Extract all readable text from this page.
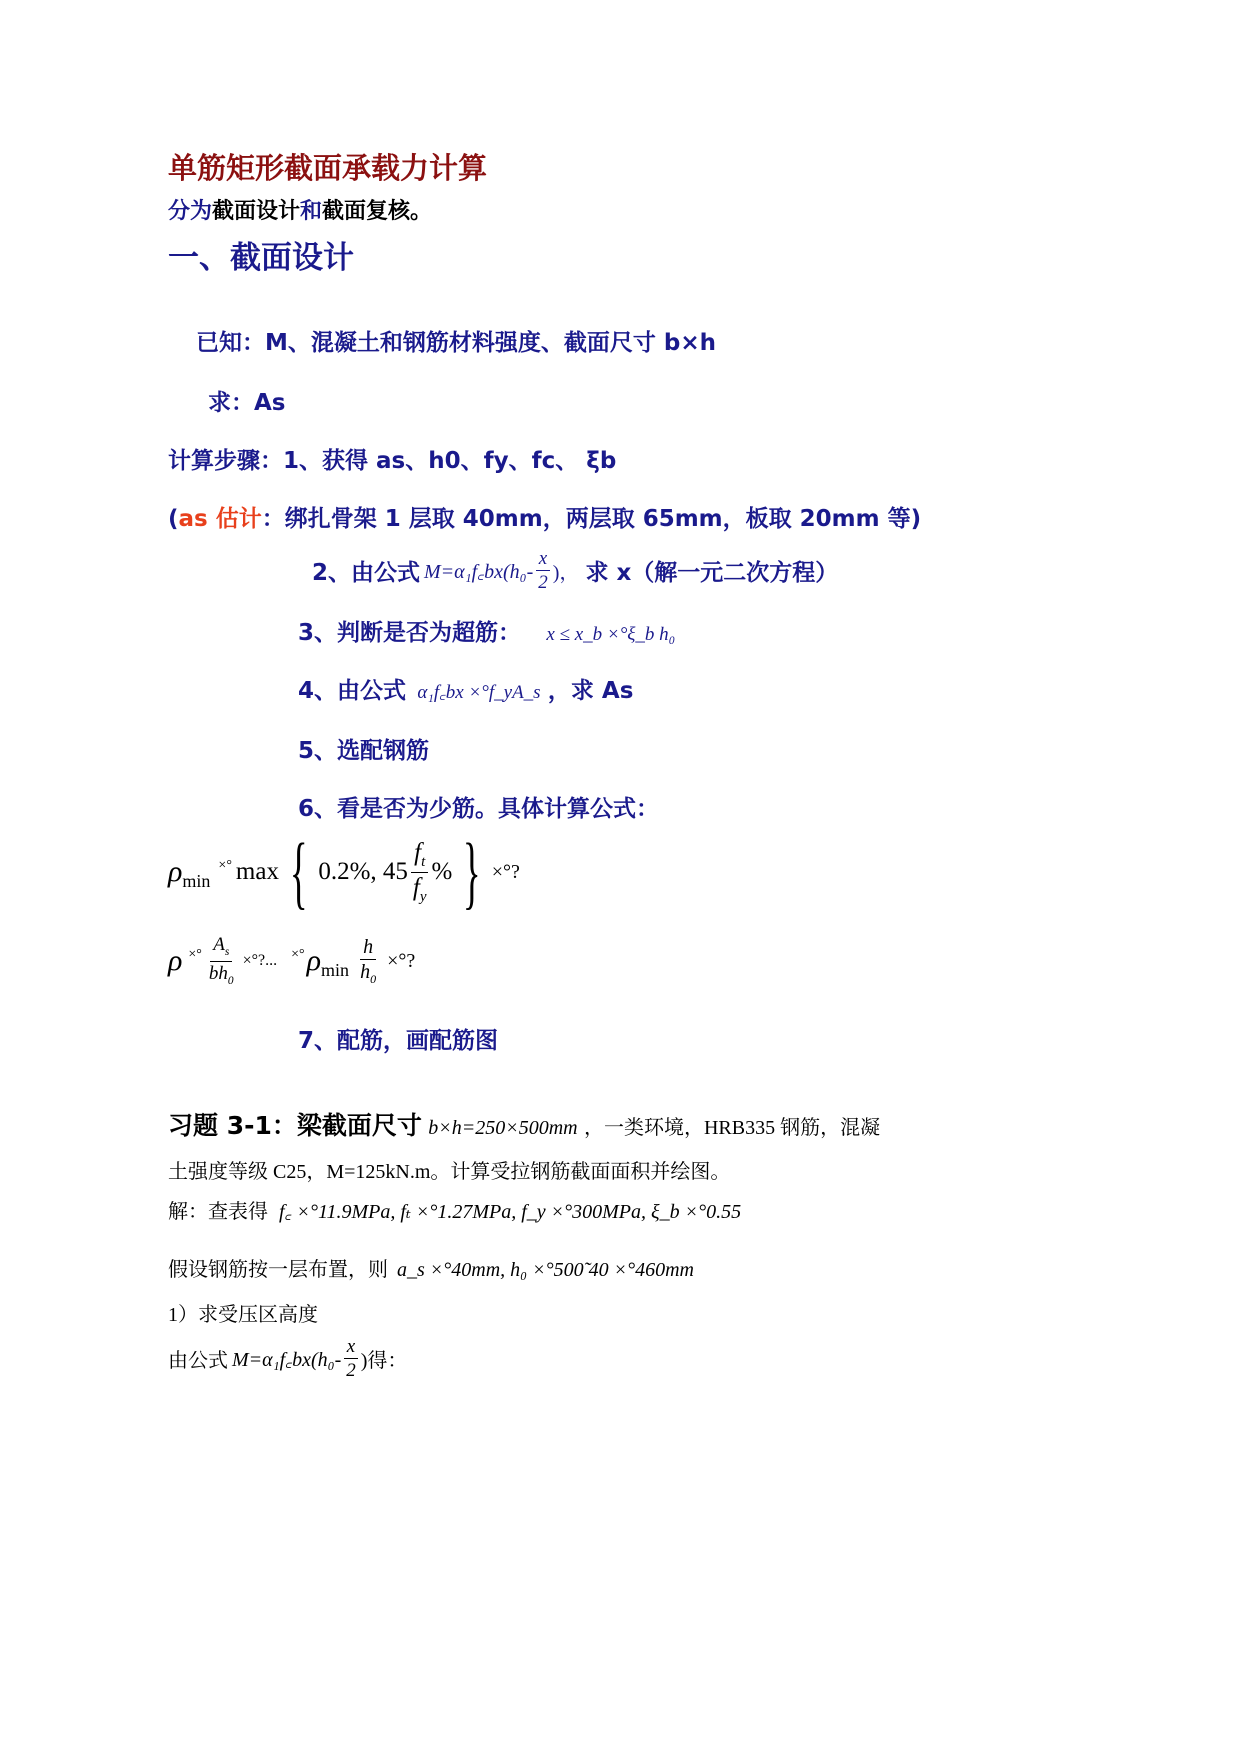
单筋矩形截面承载力计算
分为截面设计和截面复核。
一、截面设计
已知：M、混凝土和钢筋材料强度、截面尺寸 b×h
求：As
计算步骤：1、获得 as、h0、fy、fc、 ξb
(as 估计：绑扎骨架 1 层取 40mm，两层取 65mm，板取 20mm 等)
2、由公式 M=α₁f꜀bx(h₀- $\frac{x}{2}$ )， 求 x（解一元二次方程）
3、判断是否为超筋： x ≤ x_b ×°ξ_b h₀
4、由公式 α₁f꜀bx ×°f_yA_s ，求 As
5、选配钢筋
6、看是否为少筋。具体计算公式：
ρ min
×° max { 0.2%, $45 \frac{f_t}{f_y}$ % } ×°?
ρ ×° $\frac{A_s}{bh_0}$ ×°?... ×° ρ $\min \frac{h}{h_0}$ ×°?
7、配筋，画配筋图
习题 3-1：梁截面尺寸 b×h=250×500mm ，一类环境，HRB335 钢筋，混凝
土强度等级 C25，M=125kN.m。计算受拉钢筋截面面积并绘图。
解：查表得 f꜀ ×°11.9MPa, fₜ ×°1.27MPa, f_y ×°300MPa, ξ_b ×°0.55
假设钢筋按一层布置，则 a_s ×°40mm, h₀ ×°500̃ 40 ×°460mm
1）求受压区高度
由公式 M=α₁f꜀bx(h₀- $\frac{x}{2}$ )得：
